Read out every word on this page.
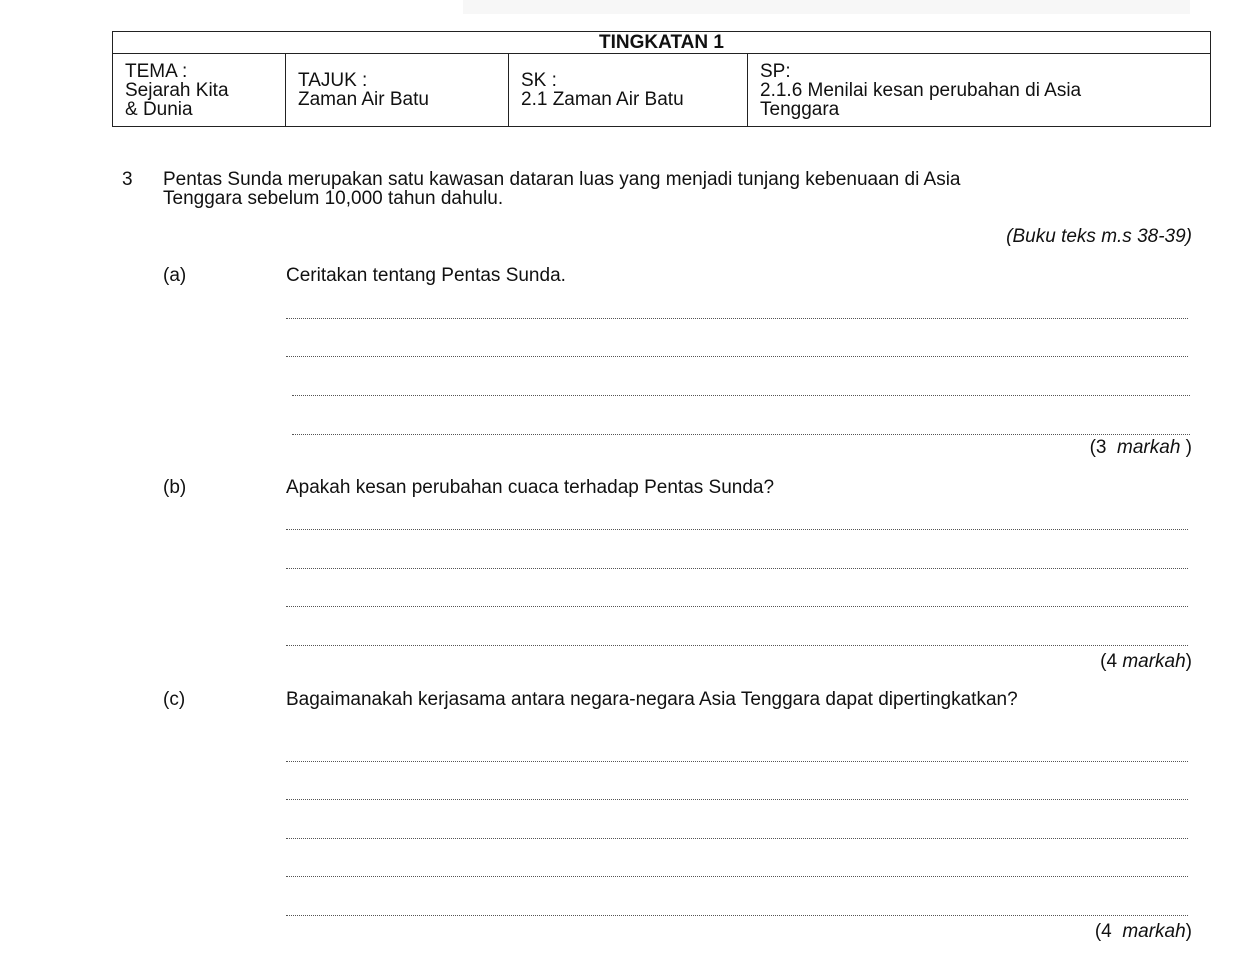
TINGKATAN 1

TEMA :
Sejarah Kita
& Dunia

TAJUK :
Zaman Air Batu

SK :
2.1 Zaman Air Batu

SP:
2.1.6 Menilai kesan perubahan di Asia
Tenggara
3 Pentas Sunda merupakan satu kawasan dataran luas yang menjadi tunjang kebenuaan di Asia
Tenggara sebelum 10,000 tahun dahulu.
(Buku teks m.s 38-39)
(a)	Ceritakan tentang Pentas Sunda.
(3 markah )
(b)	Apakah kesan perubahan cuaca terhadap Pentas Sunda?
(4 markah)
(c)	Bagaimanakah kerjasama antara negara-negara Asia Tenggara dapat dipertingkatkan?
(4 markah)
